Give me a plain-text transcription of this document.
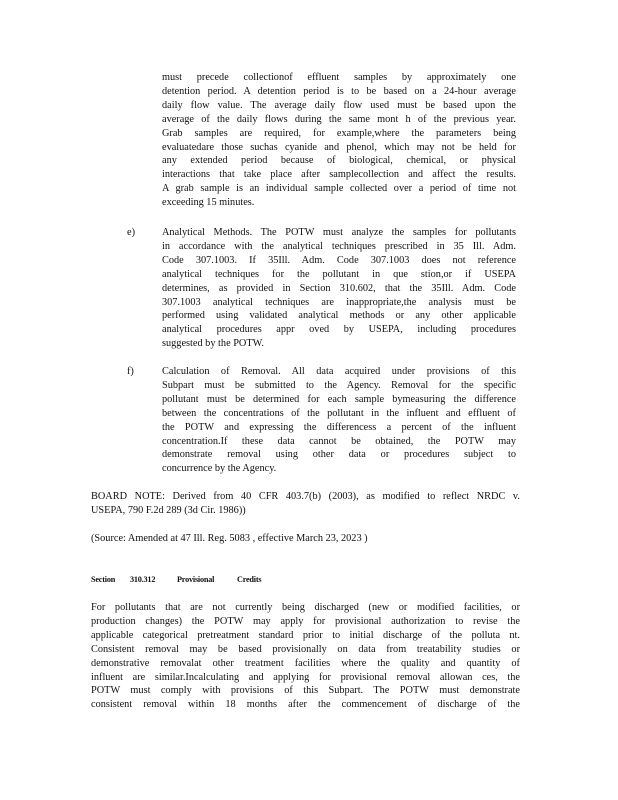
must precede collectionof effluent samples by approximately one
detention period. A detention period is to be based on a 24-hour average
daily flow value. The average daily flow used must be based upon the
average of the daily flows during the same mont h of the previous year.
Grab samples are required, for example,where the parameters being
evaluatedare those suchas cyanide and phenol, which may not be held for
any extended period because of biological, chemical, or physical
interactions that take place after samplecollection and affect the results.
A grab sample is an individual sample collected over a period of time not
exceeding 15 minutes.
e)	Analytical Methods. The POTW must analyze the samples for pollutants
in accordance with the analytical techniques prescribed in 35 Ill. Adm.
Code 307.1003. If 35Ill. Adm. Code 307.1003 does not reference
analytical techniques for the pollutant in que stion,or if USEPA
determines, as provided in Section 310.602, that the 35Ill. Adm. Code
307.1003 analytical techniques are inappropriate,the analysis must be
performed using validated analytical methods or any other applicable
analytical procedures appr oved by USEPA, including procedures
suggested by the POTW.
f)	Calculation of Removal. All data acquired under provisions of this
Subpart must be submitted to the Agency. Removal for the specific
pollutant must be determined for each sample bymeasuring the difference
between the concentrations of the pollutant in the influent and effluent of
the POTW and expressing the differencess a percent of the influent
concentration.If these data cannot be obtained, the POTW may
demonstrate removal using other data or procedures subject to
concurrence by the Agency.
BOARD NOTE: Derived from 40 CFR 403.7(b) (2003), as modified to reflect NRDC v.
USEPA, 790 F.2d 289 (3d Cir. 1986))
(Source: Amended at 47 Ill. Reg. 5083 , effective March 23, 2023 )
Section 310.312	Provisional	Credits
For pollutants that are not currently being discharged (new or modified facilities, or
production changes) the POTW may apply for provisional authorization to revise the
applicable categorical pretreatment standard prior to initial discharge of the polluta nt.
Consistent removal may be based provisionally on data from treatability studies or
demonstrative removalat other treatment facilities where the quality and quantity of
influent are similar.Incalculating and applying for provisional removal allowan ces, the
POTW must comply with provisions of this Subpart. The POTW must demonstrate
consistent removal within 18 months after the commencement of discharge of the
